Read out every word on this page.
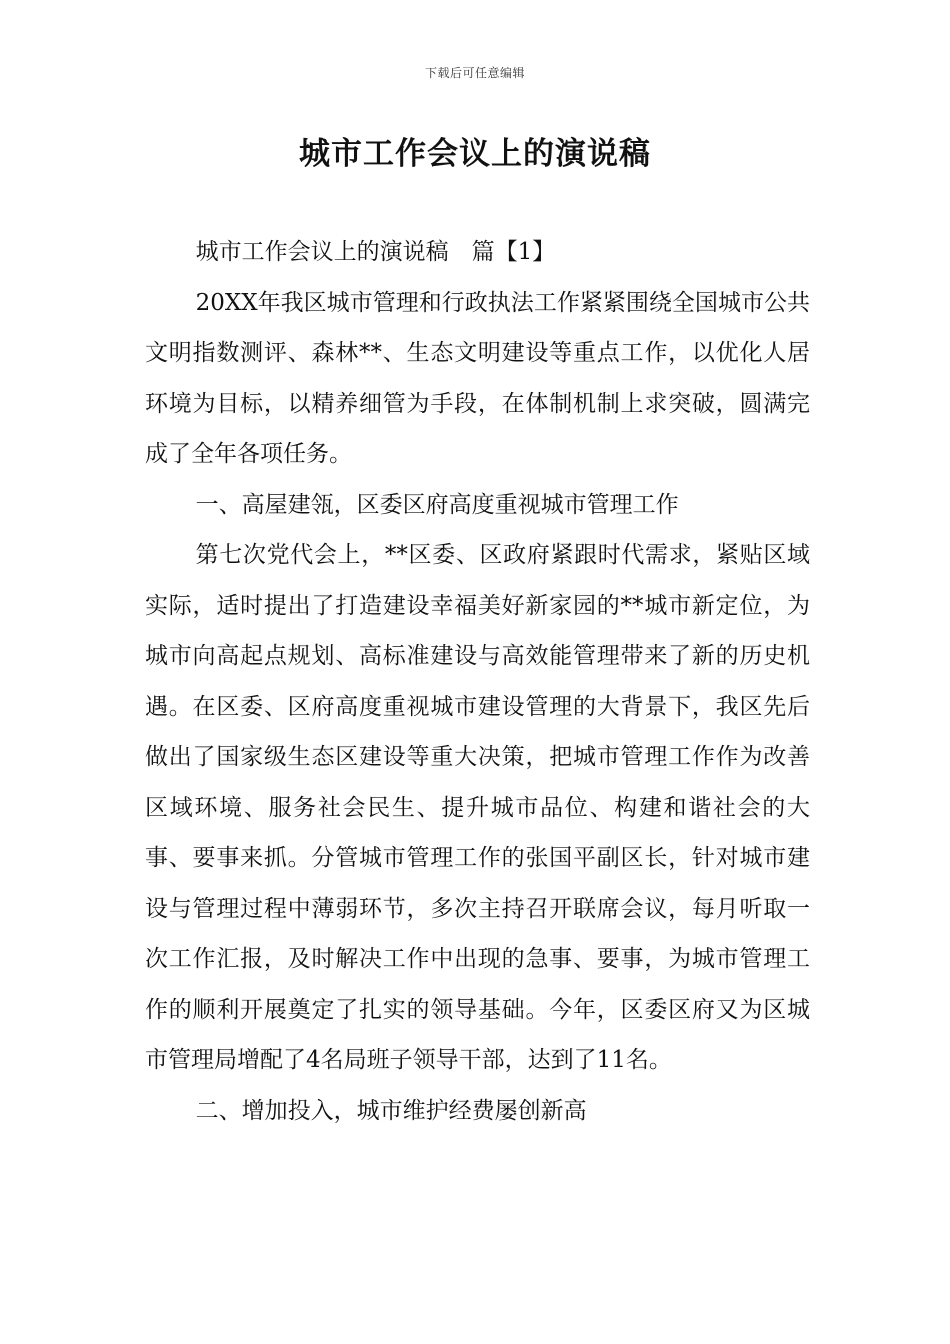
下载后可任意编辑
城市工作会议上的演说稿

城市工作会议上的演说稿　篇【1】

20XX年我区城市管理和行政执法工作紧紧围绕全国城市公共文明指数测评、森林**、生态文明建设等重点工作，以优化人居环境为目标，以精养细管为手段，在体制机制上求突破，圆满完成了全年各项任务。

一、高屋建瓴，区委区府高度重视城市管理工作

第七次党代会上，**区委、区政府紧跟时代需求，紧贴区域实际，适时提出了打造建设幸福美好新家园的**城市新定位，为城市向高起点规划、高标准建设与高效能管理带来了新的历史机遇。在区委、区府高度重视城市建设管理的大背景下，我区先后做出了国家级生态区建设等重大决策，把城市管理工作作为改善区域环境、服务社会民生、提升城市品位、构建和谐社会的大事、要事来抓。分管城市管理工作的张国平副区长，针对城市建设与管理过程中薄弱环节，多次主持召开联席会议，每月听取一次工作汇报，及时解决工作中出现的急事、要事，为城市管理工作的顺利开展奠定了扎实的领导基础。今年，区委区府又为区城市管理局增配了4名局班子领导干部，达到了11名。

二、增加投入，城市维护经费屡创新高
